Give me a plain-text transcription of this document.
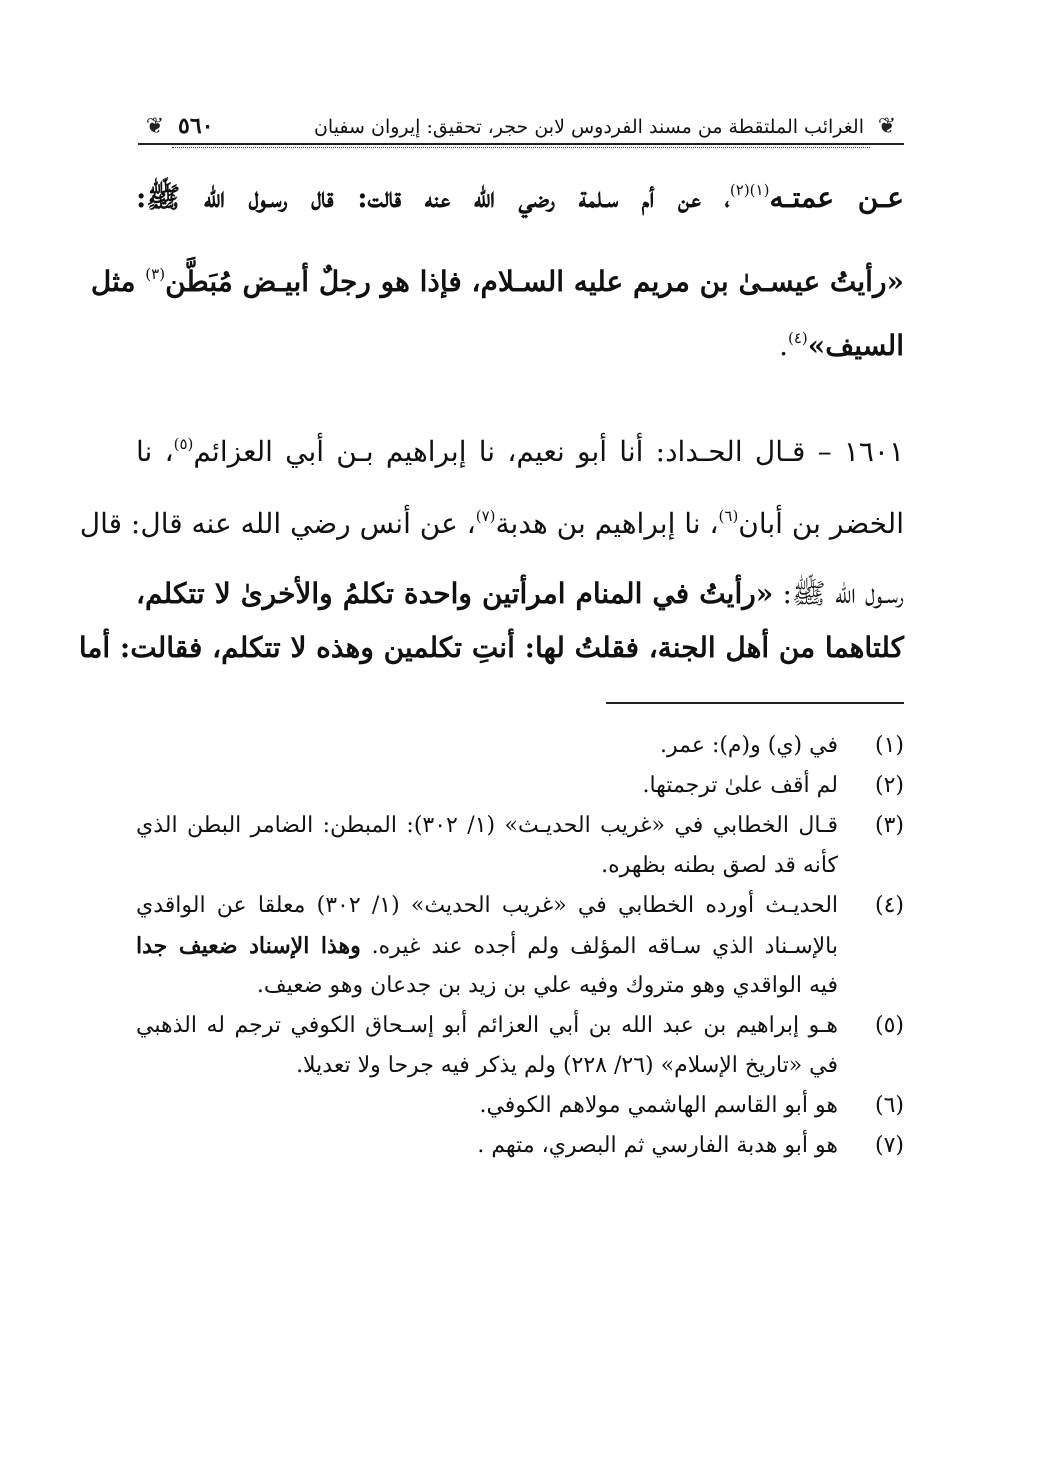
❦
الغرائب الملتقطة من مسند الفردوس لابن حجر، تحقيق: إيروان سفيان
٥٦٠
❦
عـن عمتـه$^{(١)(٢)}$، عن أم سـلمة رضي الله عنه قالت: قال رسـول الله ﷺ:
«رأيتُ عيسـىٰ بن مريم عليه السـلام، فإذا هو رجلٌ أبيـض مُبَطَّن$^{(٣)}$ مثل
السيف»$^{(٤)}$.
١٦٠١ – قـال الحـداد: أنا أبو نعيم، نا إبراهيم بـن أبي العزائم$^{(٥)}$، نا
الخضر بن أبان$^{(٦)}$، نا إبراهيم بن هدبة$^{(٧)}$، عن أنس رضي الله عنه قال: قال
رسـول الله ﷺ: «رأيتُ في المنام امرأتين واحدة تكلمُ والأخرىٰ لا تتكلم،
كلتاهما من أهل الجنة، فقلتُ لها: أنتِ تكلمين وهذه لا تتكلم، فقالت: أما
(١)
في (ي) و(م): عمر.
(٢)
لم أقف علىٰ ترجمتها.
(٣)
قـال الخطابي في «غريب الحديـث» (١/ ٣٠٢): المبطن: الضامر البطن الذي
كأنه قد لصق بطنه بظهره.
(٤)
الحديـث أورده الخطابي في «غريب الحديث» (١/ ٣٠٢) معلقا عن الواقدي
بالإسـناد الذي سـاقه المؤلف ولم أجده عند غيره. وهذا الإسناد ضعيف جدا
فيه الواقدي وهو متروك وفيه علي بن زيد بن جدعان وهو ضعيف.
(٥)
هـو إبراهيم بن عبد الله بن أبي العزائم أبو إسـحاق الكوفي ترجم له الذهبي
في «تاريخ الإسلام» (٢٦/ ٢٢٨) ولم يذكر فيه جرحا ولا تعديلا.
(٦)
هو أبو القاسم الهاشمي مولاهم الكوفي.
(٧)
هو أبو هدبة الفارسي ثم البصري، متهم .
